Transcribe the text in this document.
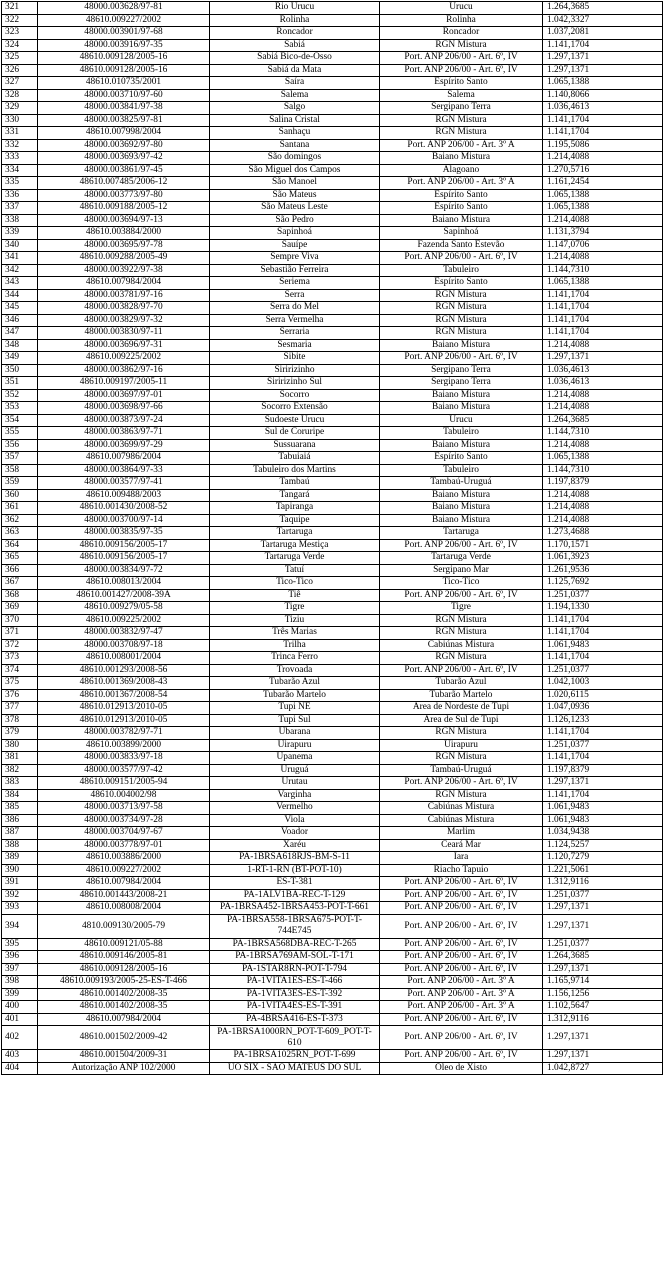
321	48000.003628/97-81	Rio Urucu	Urucu	1.264,3685
322	48610.009227/2002	Rolinha	Rolinha	1.042,3327
323	48000.003901/97-68	Roncador	Roncador	1.037,2081
324	48000.003916/97-35	Sabiá	RGN Mistura	1.141,1704
325	48610.009128/2005-16	Sabiá Bico-de-Osso	Port. ANP 206/00 - Art. 6º, IV	1.297,1371
326	48610.009128/2005-16	Sabiá da Mata	Port. ANP 206/00 - Art. 6º, IV	1.297,1371
327	48610.010735/2001	Saíra	Espírito Santo	1.065,1388
328	48000.003710/97-60	Salema	Salema	1.140,8066
329	48000.003841/97-38	Salgo	Sergipano Terra	1.036,4613
330	48000.003825/97-81	Salina Cristal	RGN Mistura	1.141,1704
331	48610.007998/2004	Sanhaçu	RGN Mistura	1.141,1704
332	48000.003692/97-80	Santana	Port. ANP 206/00 - Art. 3º A	1.195,5086
333	48000.003693/97-42	São domingos	Baiano Mistura	1.214,4088
334	48000.003861/97-45	São Miguel dos Campos	Alagoano	1.270,5716
335	48610.007485/2006-12	São Manoel	Port. ANP 206/00 - Art. 3º A	1.161,2454
336	48000.003773/97-80	São Mateus	Espírito Santo	1.065,1388
337	48610.009188/2005-12	São Mateus Leste	Espírito Santo	1.065,1388
338	48000.003694/97-13	São Pedro	Baiano Mistura	1.214,4088
339	48610.003884/2000	Sapinhoá	Sapinhoá	1.131,3794
340	48000.003695/97-78	Sauípe	Fazenda Santo Estevão	1.147,0706
341	48610.009288/2005-49	Sempre Viva	Port. ANP 206/00 - Art. 6º, IV	1.214,4088
342	48000.003922/97-38	Sebastião Ferreira	Tabuleiro	1.144,7310
343	48610.007984/2004	Seriema	Espírito Santo	1.065,1388
344	48000.003781/97-16	Serra	RGN Mistura	1.141,1704
345	48000.003828/97-70	Serra do Mel	RGN Mistura	1.141,1704
346	48000.003829/97-32	Serra Vermelha	RGN Mistura	1.141,1704
347	48000.003830/97-11	Serraria	RGN Mistura	1.141,1704
348	48000.003696/97-31	Sesmaria	Baiano Mistura	1.214,4088
349	48610.009225/2002	Sibite	Port. ANP 206/00 - Art. 6º, IV	1.297,1371
350	48000.003862/97-16	Siririzinho	Sergipano Terra	1.036,4613
351	48610.009197/2005-11	Siririzinho Sul	Sergipano Terra	1.036,4613
352	48000.003697/97-01	Socorro	Baiano Mistura	1.214,4088
353	48000.003698/97-66	Socorro Extensão	Baiano Mistura	1.214,4088
354	48000.003873/97-24	Sudoeste Urucu	Urucu	1.264,3685
355	48000.003863/97-71	Sul de Coruripe	Tabuleiro	1.144,7310
356	48000.003699/97-29	Sussuarana	Baiano Mistura	1.214,4088
357	48610.007986/2004	Tabuiaiá	Espírito Santo	1.065,1388
358	48000.003864/97-33	Tabuleiro dos Martins	Tabuleiro	1.144,7310
359	48000.003577/97-41	Tambaú	Tambaú-Uruguá	1.197,8379
360	48610.009488/2003	Tangará	Baiano Mistura	1.214,4088
361	48610.001430/2008-52	Tapiranga	Baiano Mistura	1.214,4088
362	48000.003700/97-14	Taquipe	Baiano Mistura	1.214,4088
363	48000.003835/97-35	Tartaruga	Tartaruga	1.273,4688
364	48610.009156/2005-17	Tartaruga Mestiça	Port. ANP 206/00 - Art. 6º, IV	1.170,1571
365	48610.009156/2005-17	Tartaruga Verde	Tartaruga Verde	1.061,3923
366	48000.003834/97-72	Tatuí	Sergipano Mar	1.261,9536
367	48610.008013/2004	Tico-Tico	Tico-Tico	1.125,7692
368	48610.001427/2008-39A	Tiê	Port. ANP 206/00 - Art. 6º, IV	1.251,0377
369	48610.009279/05-58	Tigre	Tigre	1.194,1330
370	48610.009225/2002	Tiziu	RGN Mistura	1.141,1704
371	48000.003832/97-47	Três Marias	RGN Mistura	1.141,1704
372	48000.003708/97-18	Trilha	Cabiúnas Mistura	1.061,9483
373	48610.008001/2004	Trinca Ferro	RGN Mistura	1.141,1704
374	48610.001293/2008-56	Trovoada	Port. ANP 206/00 - Art. 6º, IV	1.251,0377
375	48610.001369/2008-43	Tubarão Azul	Tubarão Azul	1.042,1003
376	48610.001367/2008-54	Tubarão Martelo	Tubarão Martelo	1.020,6115
377	48610.012913/2010-05	Tupi NE	Área de Nordeste de Tupi	1.047,0936
378	48610.012913/2010-05	Tupi Sul	Área de Sul de Tupi	1.126,1233
379	48000.003782/97-71	Ubarana	RGN Mistura	1.141,1704
380	48610.003899/2000	Uirapuru	Uirapuru	1.251,0377
381	48000.003833/97-18	Upanema	RGN Mistura	1.141,1704
382	48000.003577/97-42	Uruguá	Tambaú-Uruguá	1.197,8379
383	48610.009151/2005-94	Urutau	Port. ANP 206/00 - Art. 6º, IV	1.297,1371
384	48610.004002/98	Varginha	RGN Mistura	1.141,1704
385	48000.003713/97-58	Vermelho	Cabiúnas Mistura	1.061,9483
386	48000.003734/97-28	Viola	Cabiúnas Mistura	1.061,9483
387	48000.003704/97-67	Voador	Marlim	1.034,9438
388	48000.003778/97-01	Xaréu	Ceará Mar	1.124,5257
389	48610.003886/2000	PA-1BRSA618RJS-BM-S-11	Iara	1.120,7279
390	48610.009227/2002	1-RT-1-RN (BT-POT-10)	Riacho Tapuio	1.221,5061
391	48610.007984/2004	ES-T-381	Port. ANP 206/00 - Art. 6º, IV	1.312,9116
392	48610.001443/2008-21	PA-1ALV1BA-REC-T-129	Port. ANP 206/00 - Art. 6º, IV	1.251,0377
393	48610.008008/2004	PA-1BRSA452-1BRSA453-POT-T-661	Port. ANP 206/00 - Art. 6º, IV	1.297,1371
394	4810.009130/2005-79	PA-1BRSA558-1BRSA675-POT-T-744E745	Port. ANP 206/00 - Art. 6º, IV	1.297,1371
395	48610.009121/05-88	PA-1BRSA568DBA-REC-T-265	Port. ANP 206/00 - Art. 6º, IV	1.251,0377
396	48610.009146/2005-81	PA-1BRSA769AM-SOL-T-171	Port. ANP 206/00 - Art. 6º, IV	1.264,3685
397	48610.009128/2005-16	PA-1STAR8RN-POT-T-794	Port. ANP 206/00 - Art. 6º, IV	1.297,1371
398	48610.009193/2005-25-ES-T-466	PA-1VITA1ES-ES-T-466	Port. ANP 206/00 - Art. 3º A	1.165,9714
399	48610.001402/2008-35	PA-1VITA3ES-ES-T-392	Port. ANP 206/00 - Art. 3º A	1.156,1256
400	48610.001402/2008-35	PA-1VITA4ES-ES-T-391	Port. ANP 206/00 - Art. 3º A	1.102,5647
401	48610.007984/2004	PA-4BRSA416-ES-T-373	Port. ANP 206/00 - Art. 6º, IV	1.312,9116
402	48610.001502/2009-42	PA-1BRSA1000RN_POT-T-609_POT-T-610	Port. ANP 206/00 - Art. 6º, IV	1.297,1371
403	48610.001504/2009-31	PA-1BRSA1025RN_POT-T-699	Port. ANP 206/00 - Art. 6º, IV	1.297,1371
404	Autorização ANP 102/2000	UO SIX - SÃO MATEUS DO SUL	Óleo de Xisto	1.042,8727
